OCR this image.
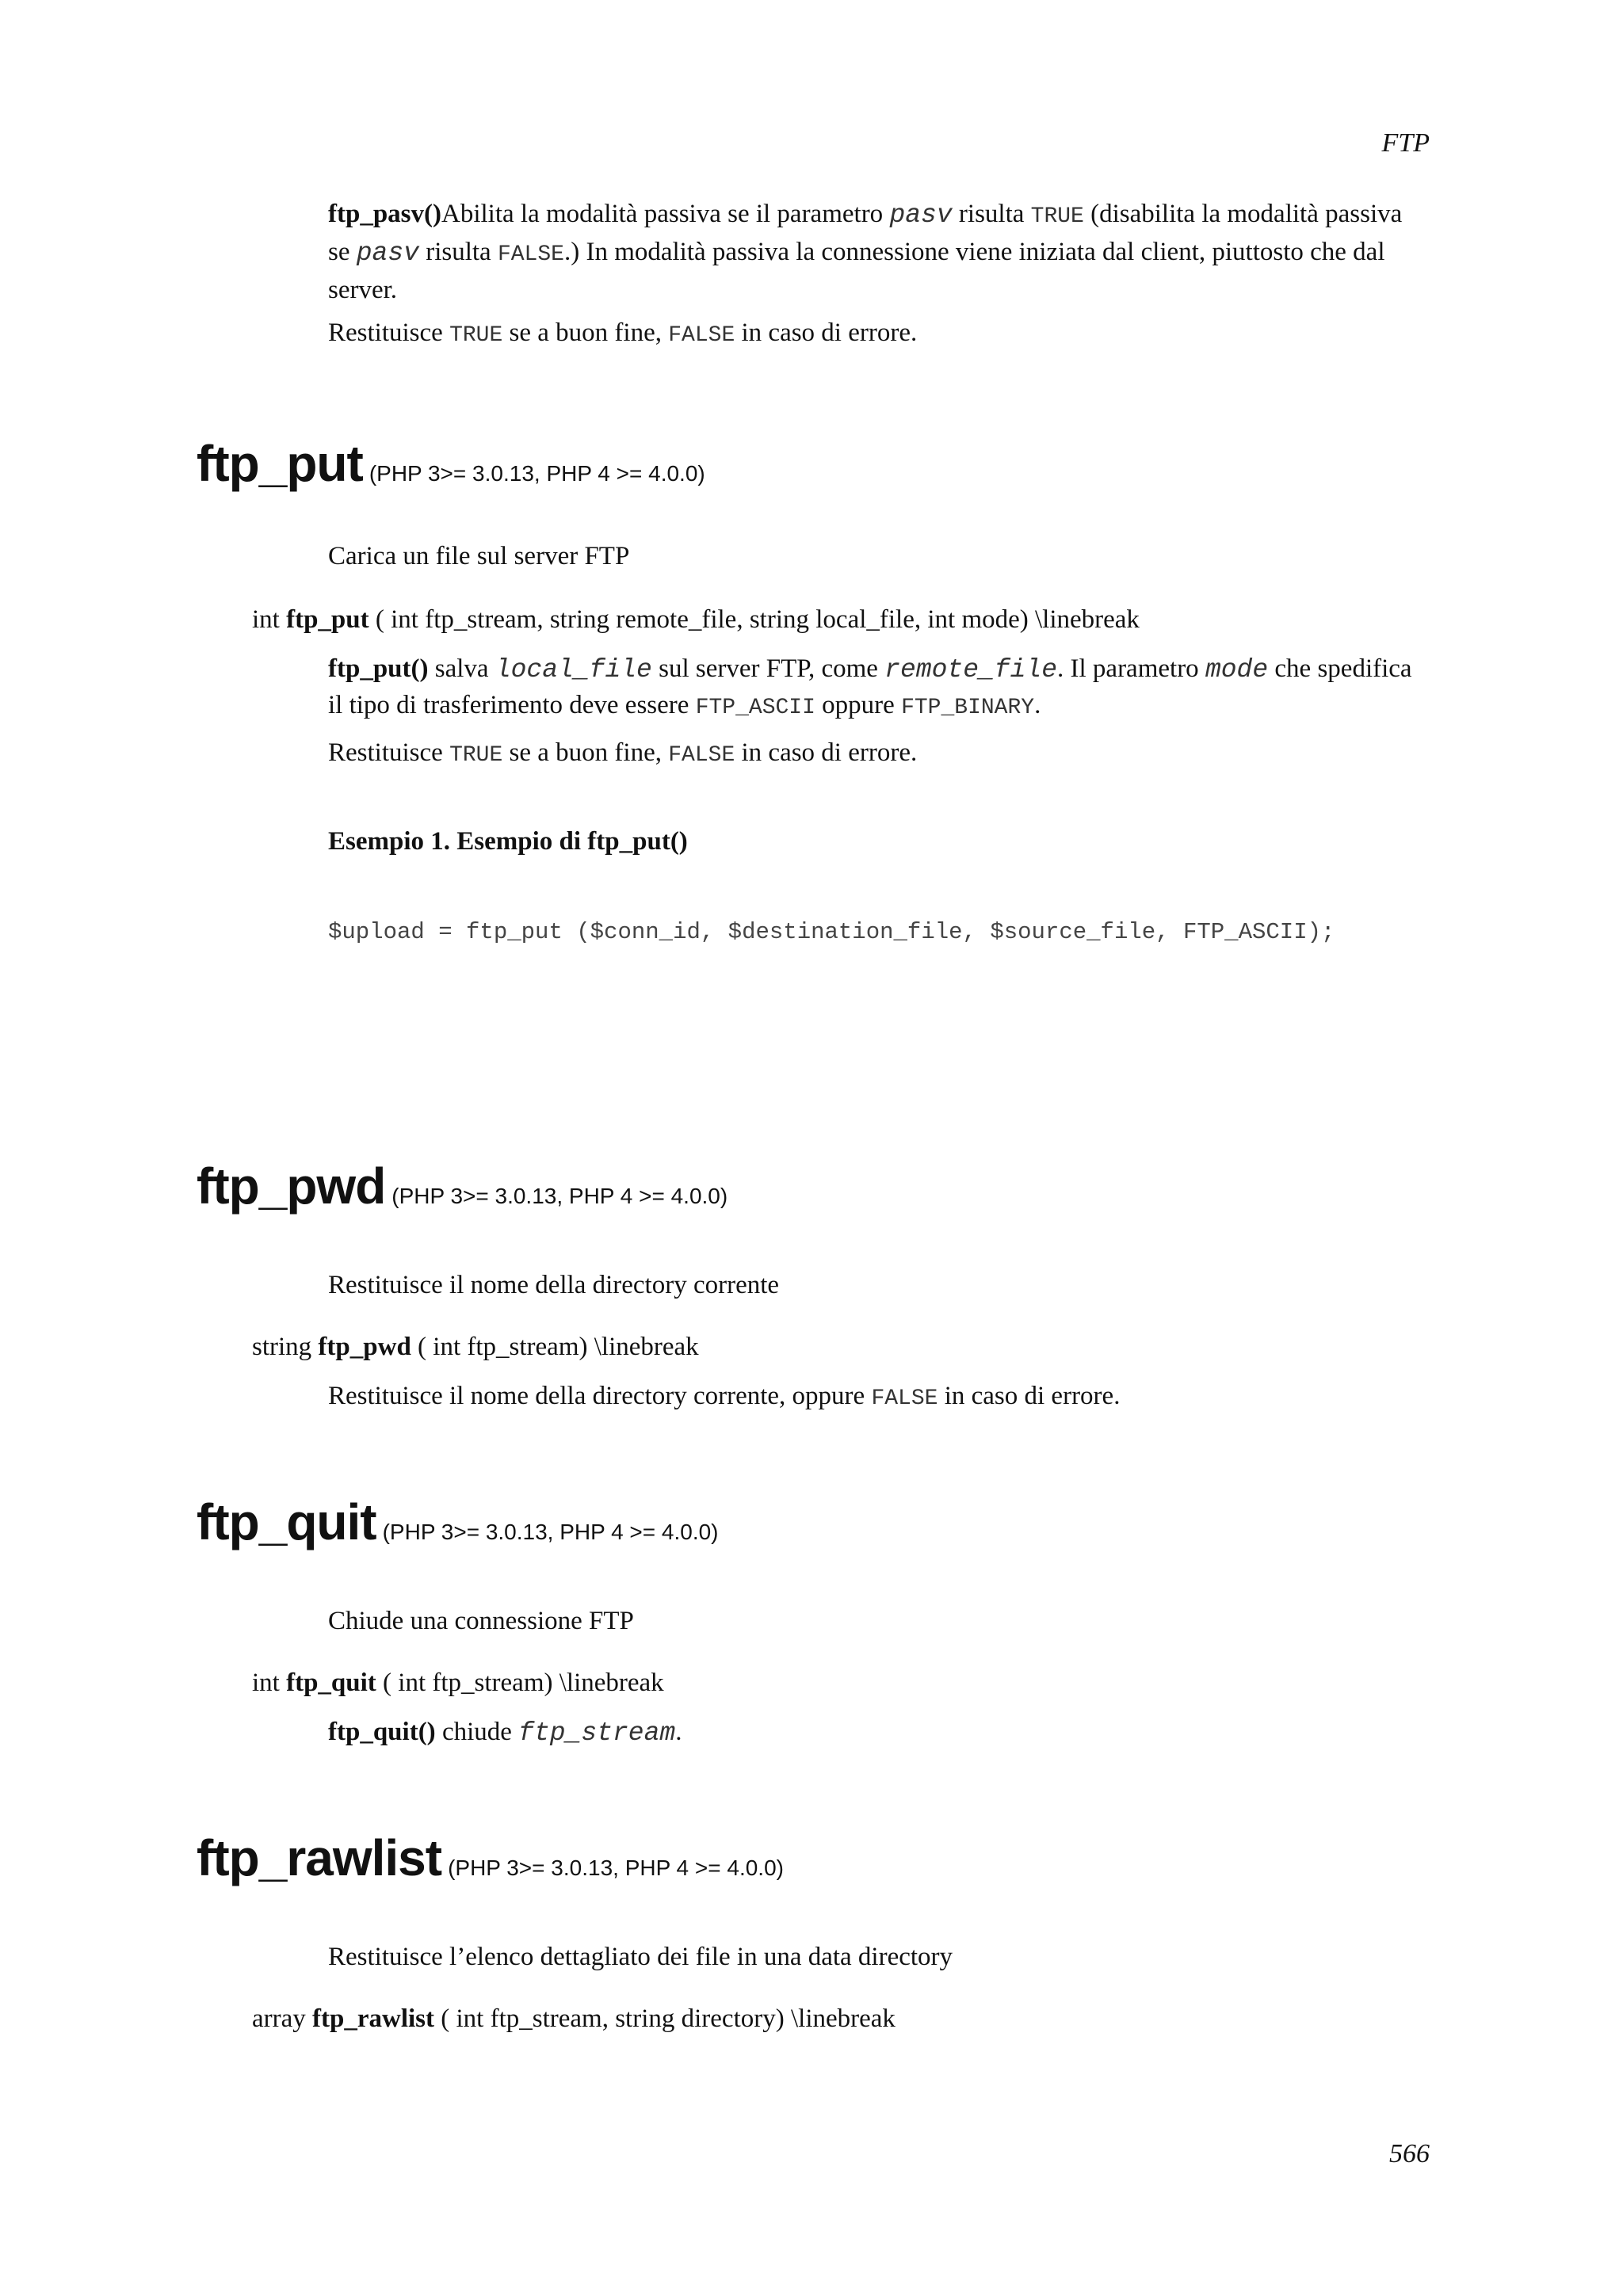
FTP

ftp_pasv()Abilita la modalità passiva se il parametro pasv risulta TRUE (disabilita la modalità passiva se pasv risulta FALSE.) In modalità passiva la connessione viene iniziata dal client, piuttosto che dal server.

Restituisce TRUE se a buon fine, FALSE in caso di errore.

ftp_put (PHP 3>= 3.0.13, PHP 4 >= 4.0.0)

Carica un file sul server FTP

int ftp_put ( int ftp_stream, string remote_file, string local_file, int mode) \linebreak

ftp_put() salva local_file sul server FTP, come remote_file. Il parametro mode che spedifica il tipo di trasferimento deve essere FTP_ASCII oppure FTP_BINARY.

Restituisce TRUE se a buon fine, FALSE in caso di errore.

Esempio 1. Esempio di ftp_put()
$upload = ftp_put ($conn_id, $destination_file, $source_file, FTP_ASCII);
ftp_pwd (PHP 3>= 3.0.13, PHP 4 >= 4.0.0)

Restituisce il nome della directory corrente

string ftp_pwd ( int ftp_stream) \linebreak

Restituisce il nome della directory corrente, oppure FALSE in caso di errore.

ftp_quit (PHP 3>= 3.0.13, PHP 4 >= 4.0.0)

Chiude una connessione FTP

int ftp_quit ( int ftp_stream) \linebreak

ftp_quit() chiude ftp_stream.

ftp_rawlist (PHP 3>= 3.0.13, PHP 4 >= 4.0.0)

Restituisce l’elenco dettagliato dei file in una data directory

array ftp_rawlist ( int ftp_stream, string directory) \linebreak

566
